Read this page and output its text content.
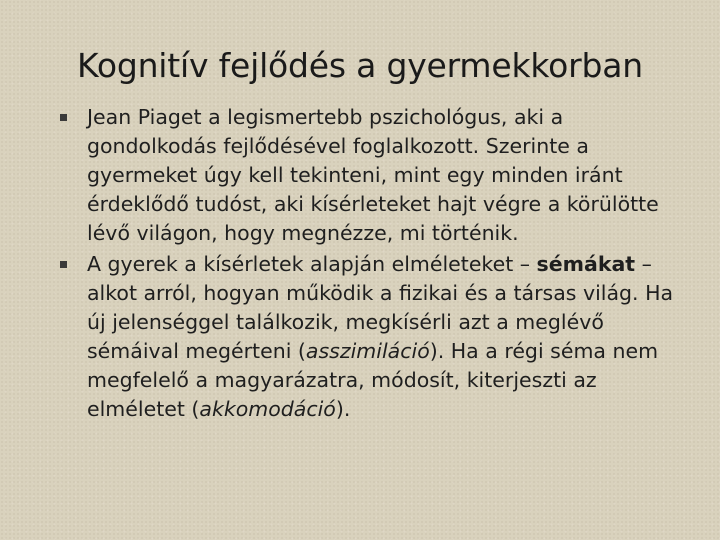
Kognitív fejlődés a gyermekkorban
Jean Piaget a legismertebb pszichológus, aki a gondolkodás fejlődésével foglalkozott. Szerinte a gyermeket úgy kell tekinteni, mint egy minden iránt érdeklődő tudóst, aki kísérleteket hajt végre a körülötte lévő világon, hogy megnézze, mi történik.
A gyerek a kísérletek alapján elméleteket – sémákat – alkot arról, hogyan működik a fizikai és a társas világ. Ha új jelenséggel találkozik, megkísérli azt a meglévő sémáival megérteni (asszimiláció). Ha a régi séma nem megfelelő a magyarázatra, módosít, kiterjeszti az elméletet (akkomodáció).
